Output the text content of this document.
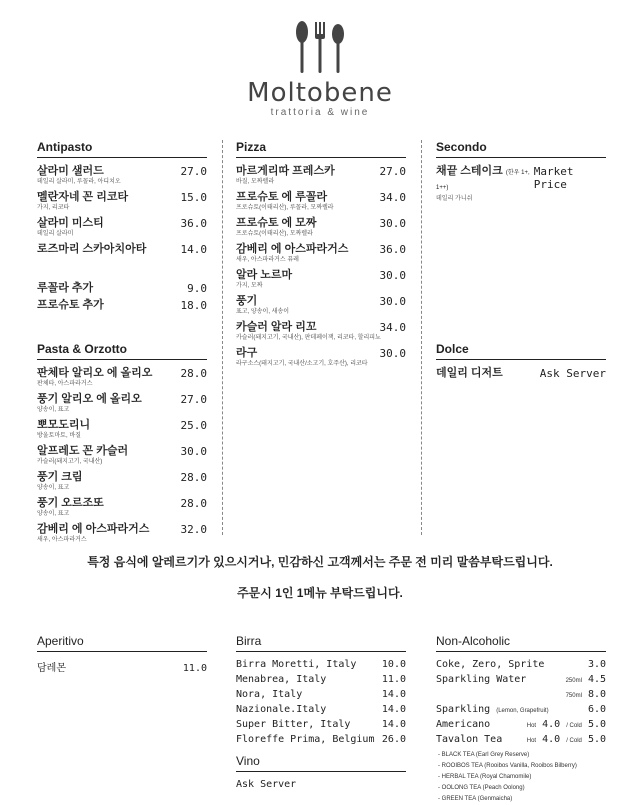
Moltobene
trattoria & wine
Antipasto
살라미 샐러드	27.0
데일리 살라미, 루꼴라, 아디치오
멜란자네 꼰 리코타	15.0
가지, 리코타
살라미 미스티	36.0
데일리 살라미
로즈마리 스카아치아타	14.0
루꼴라 추가	9.0
프로슈토 추가	18.0
Pasta & Orzotto
판체타 알리오 에 올리오	28.0
판체타, 아스파라거스
풍기 알리오 에 올리오	27.0
양송이, 표고
뽀모도리니	25.0
방울토마토, 바질
알프레도 꼰 카슬러	30.0
카슬러(돼지고기, 국내산)
풍기 크림	28.0
양송이, 표고
풍기 오르조또	28.0
양송이, 표고
감베리 에 아스파라거스	32.0
새우, 아스파라거스
Pizza
마르게리따 프레스카	27.0
바질, 모짜렐라
프로슈토 에 루꼴라	34.0
프로슈토(이태리산), 루꼴라, 모짜렐라
프로슈토 에 모짜	30.0
프로슈토(이태리산), 모짜렐라
감베리 에 아스파라거스	36.0
새우, 아스파라거스 퓨레
알라 노르마	30.0
가지, 모짜
풍기	30.0
표고, 양송이, 새송이
카슬러 알라 리꼬	34.0
카슬러(돼지고기, 국내산), 판데페이잭, 리코타, 할리피뇨
라구	30.0
라구소스(돼지고기, 국내산/소고기, 호주산), 리코타
Secondo
채끝 스테이크 (한우 1+, 1++)
Market Price
데일리 가니쉬
Dolce
데일리 디저트	Ask Server
특정 음식에 알레르기가 있으시거나, 민감하신 고객께서는 주문 전 미리 말씀부탁드립니다.
주문시 1인 1메뉴 부탁드립니다.
Aperitivo
담레몬	11.0
Birra
Birra Moretti, Italy	10.0
Menabrea, Italy	11.0
Nora, Italy	14.0
Nazionale.Italy	14.0
Super Bitter, Italy	14.0
Floreffe Prima, Belgium 26.0
Vino
Ask Server
Non-Alcoholic
Coke, Zero, Sprite	3.0
Sparkling Water	250ml 4.5
750ml 8.0
Sparkling (Lemon, Grapefruit)	6.0
Americano	Hot 4.0 / Cold 5.0
Tavalon Tea	Hot 4.0 / Cold 5.0
- BLACK TEA (Earl Grey Reserve)
- ROOIBOS TEA (Rooibos Vanilla, Rooibos Bilberry)
- HERBAL TEA (Royal Chamomile)
- OOLONG TEA (Peach Oolong)
- GREEN TEA (Genmaicha)
